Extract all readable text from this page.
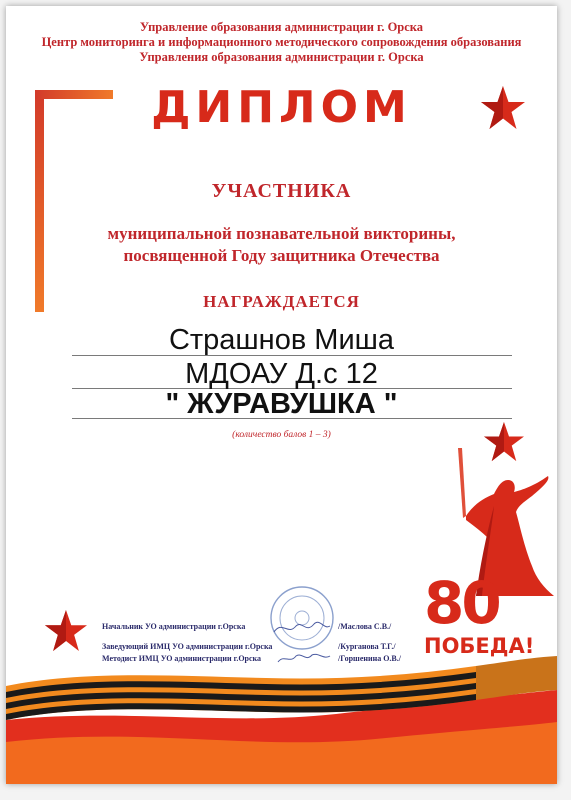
Управление образования администрации г. Орска
Центр мониторинга и информационного методического сопровождения образования
Управления образования администрации г. Орска
ДИПЛОМ
УЧАСТНИКА
муниципальной познавательной викторины,
посвященной Году защитника Отечества
НАГРАЖДАЕТСЯ
Страшнов Миша
МДОАУ Д.с 12
" ЖУРАВУШКА "
(количество балов 1 – 3)
80
ПОБЕДА!
Начальник УО администрации г.Орска	/Маслова С.В./
Заведующий ИМЦ УО администрации г.Орска	/Курганова Т.Г./
Методист ИМЦ УО администрации г.Орска	/Горшенина О.В./
